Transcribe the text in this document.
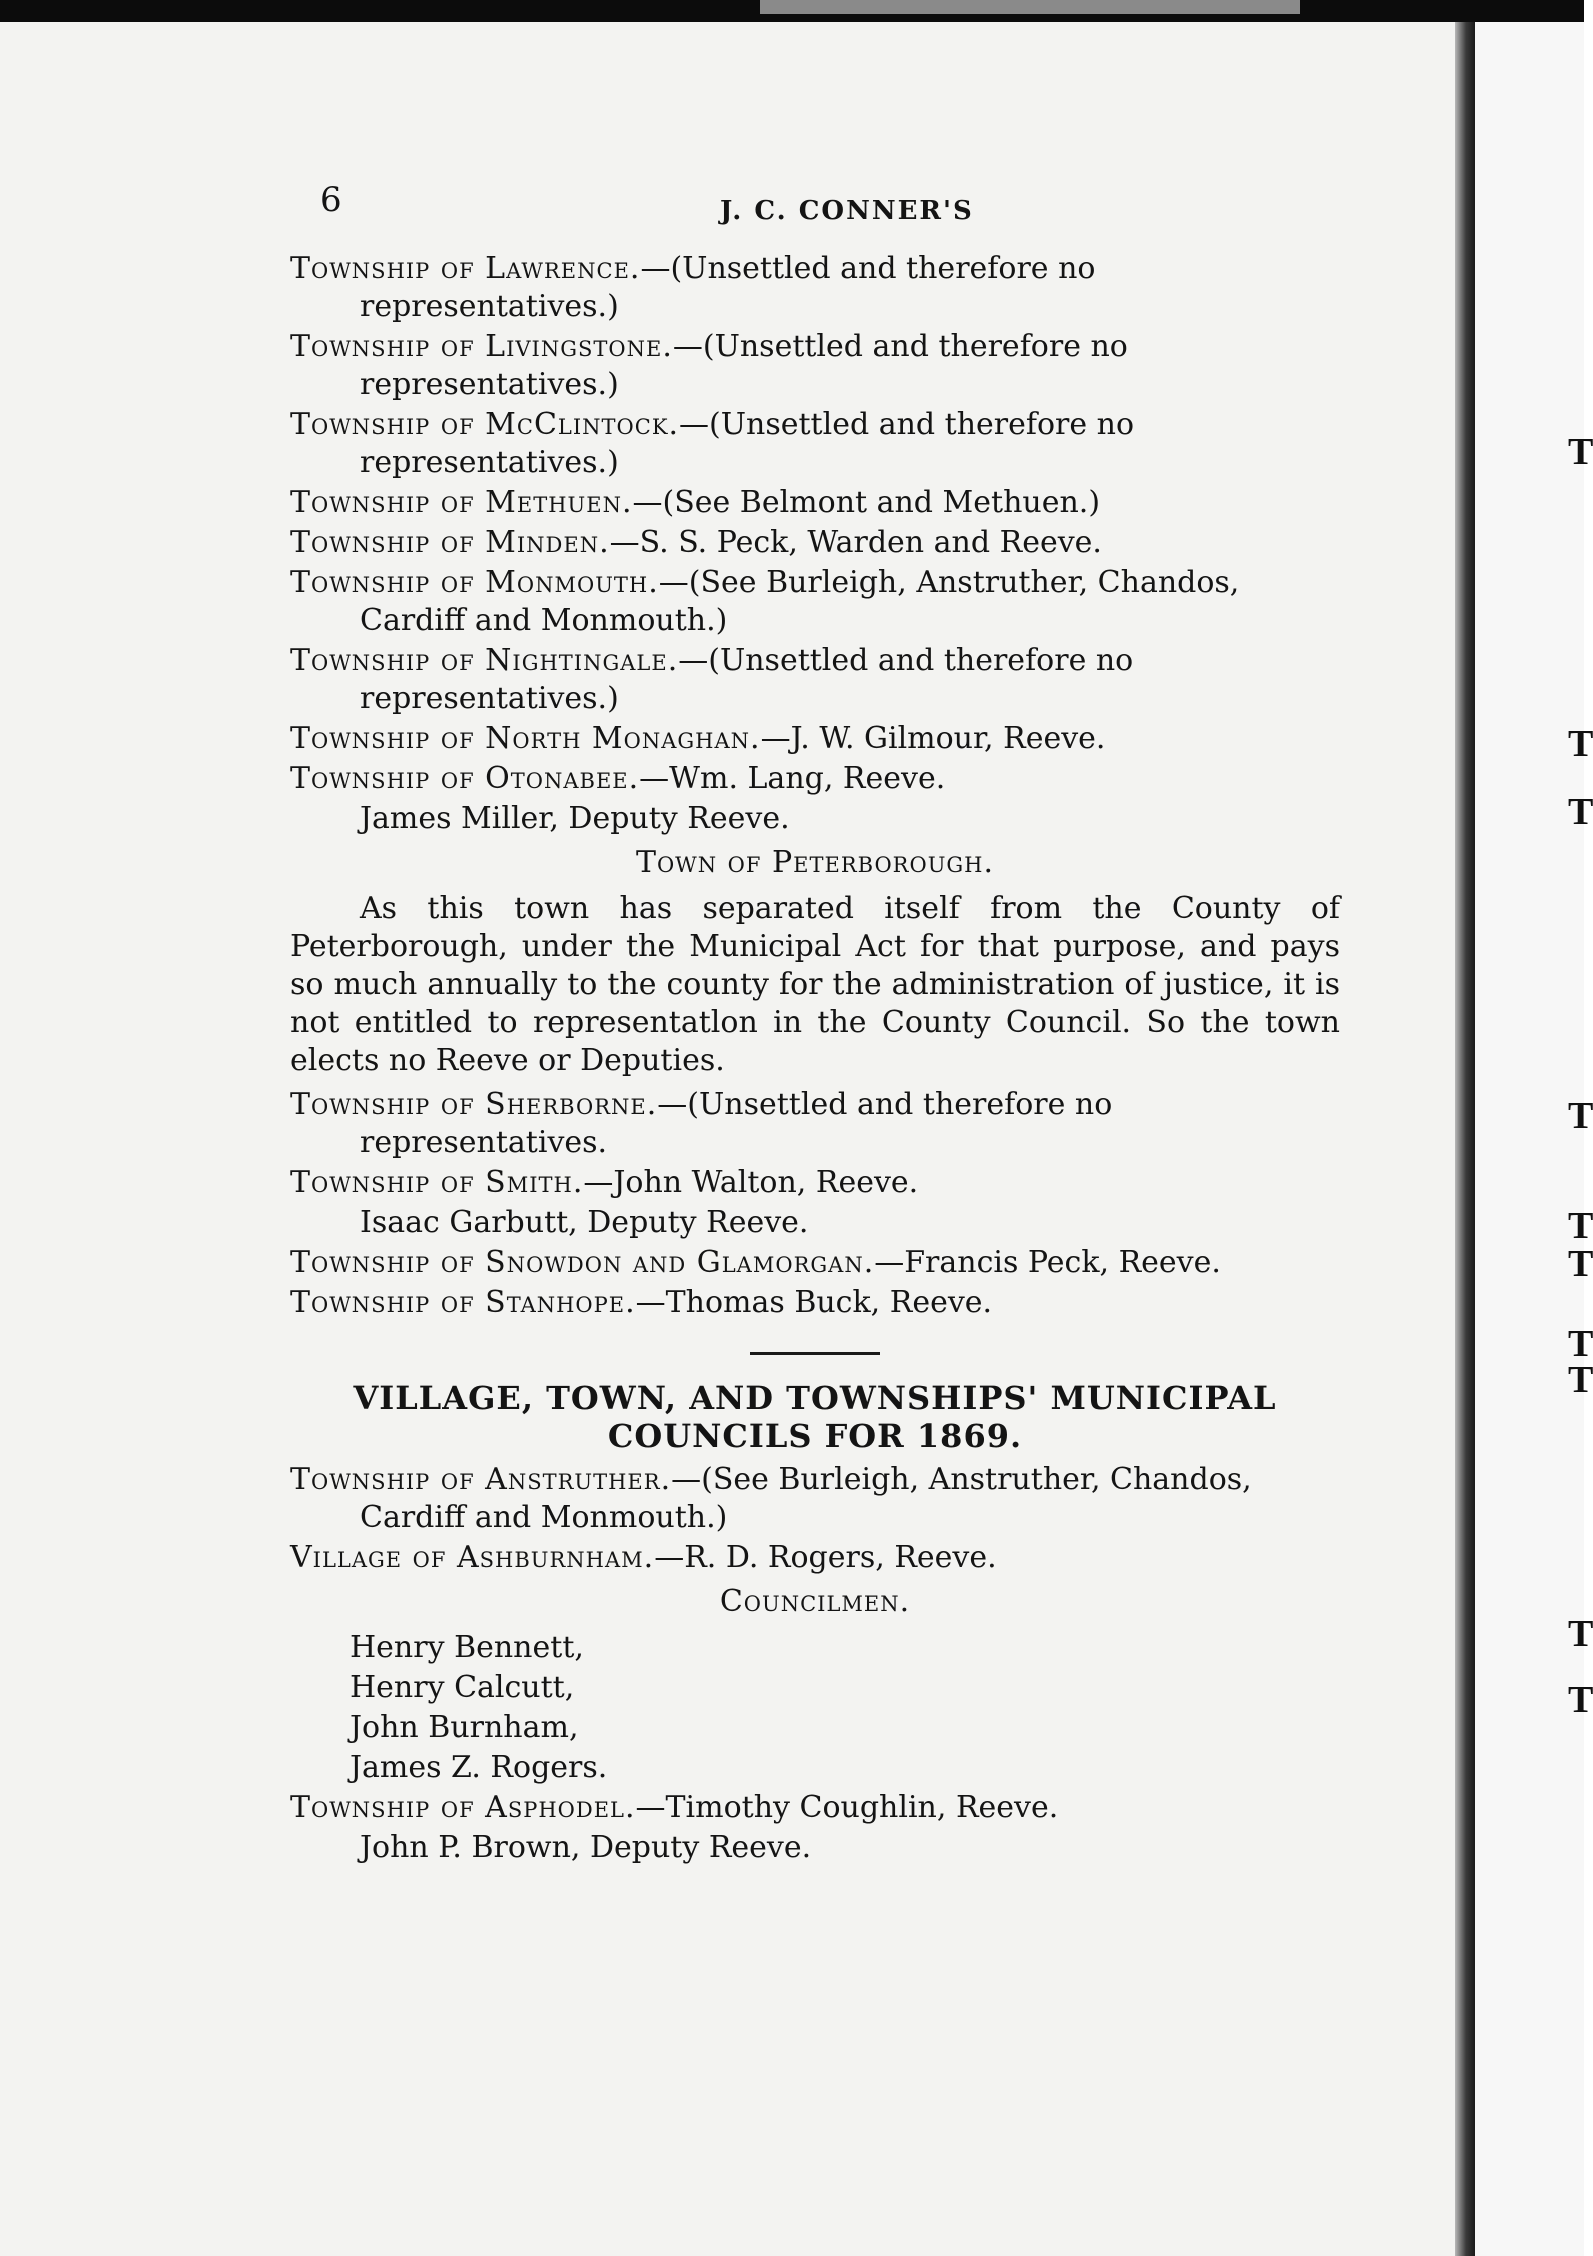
T
T
T
T
T
T
T
T
T
T
6	J. C. CONNER'S
Township of Lawrence.—(Unsettled and therefore no representatives.)
Township of Livingstone.—(Unsettled and therefore no representatives.)
Township of McClintock.—(Unsettled and therefore no representatives.)
Township of Methuen.—(See Belmont and Methuen.)
Township of Minden.—S. S. Peck, Warden and Reeve.
Township of Monmouth.—(See Burleigh, Anstruther, Chandos, Cardiff and Monmouth.)
Township of Nightingale.—(Unsettled and therefore no representatives.)
Township of North Monaghan.—J. W. Gilmour, Reeve.
Township of Otonabee.—Wm. Lang, Reeve.
James Miller, Deputy Reeve.
Town of Peterborough.
As this town has separated itself from the County of Peterborough, under the Municipal Act for that purpose, and pays so much annually to the county for the administration of justice, it is not entitled to representatlon in the County Council. So the town elects no Reeve or Deputies.
Township of Sherborne.—(Unsettled and therefore no representatives.
Township of Smith.—John Walton, Reeve.
Isaac Garbutt, Deputy Reeve.
Township of Snowdon and Glamorgan.—Francis Peck, Reeve.
Township of Stanhope.—Thomas Buck, Reeve.
VILLAGE, TOWN, AND TOWNSHIPS' MUNICIPAL
COUNCILS FOR 1869.
Township of Anstruther.—(See Burleigh, Anstruther, Chandos, Cardiff and Monmouth.)
Village of Ashburnham.—R. D. Rogers, Reeve.
Councilmen.
Henry Bennett,
Henry Calcutt,
John Burnham,
James Z. Rogers.
Township of Asphodel.—Timothy Coughlin, Reeve.
John P. Brown, Deputy Reeve.
